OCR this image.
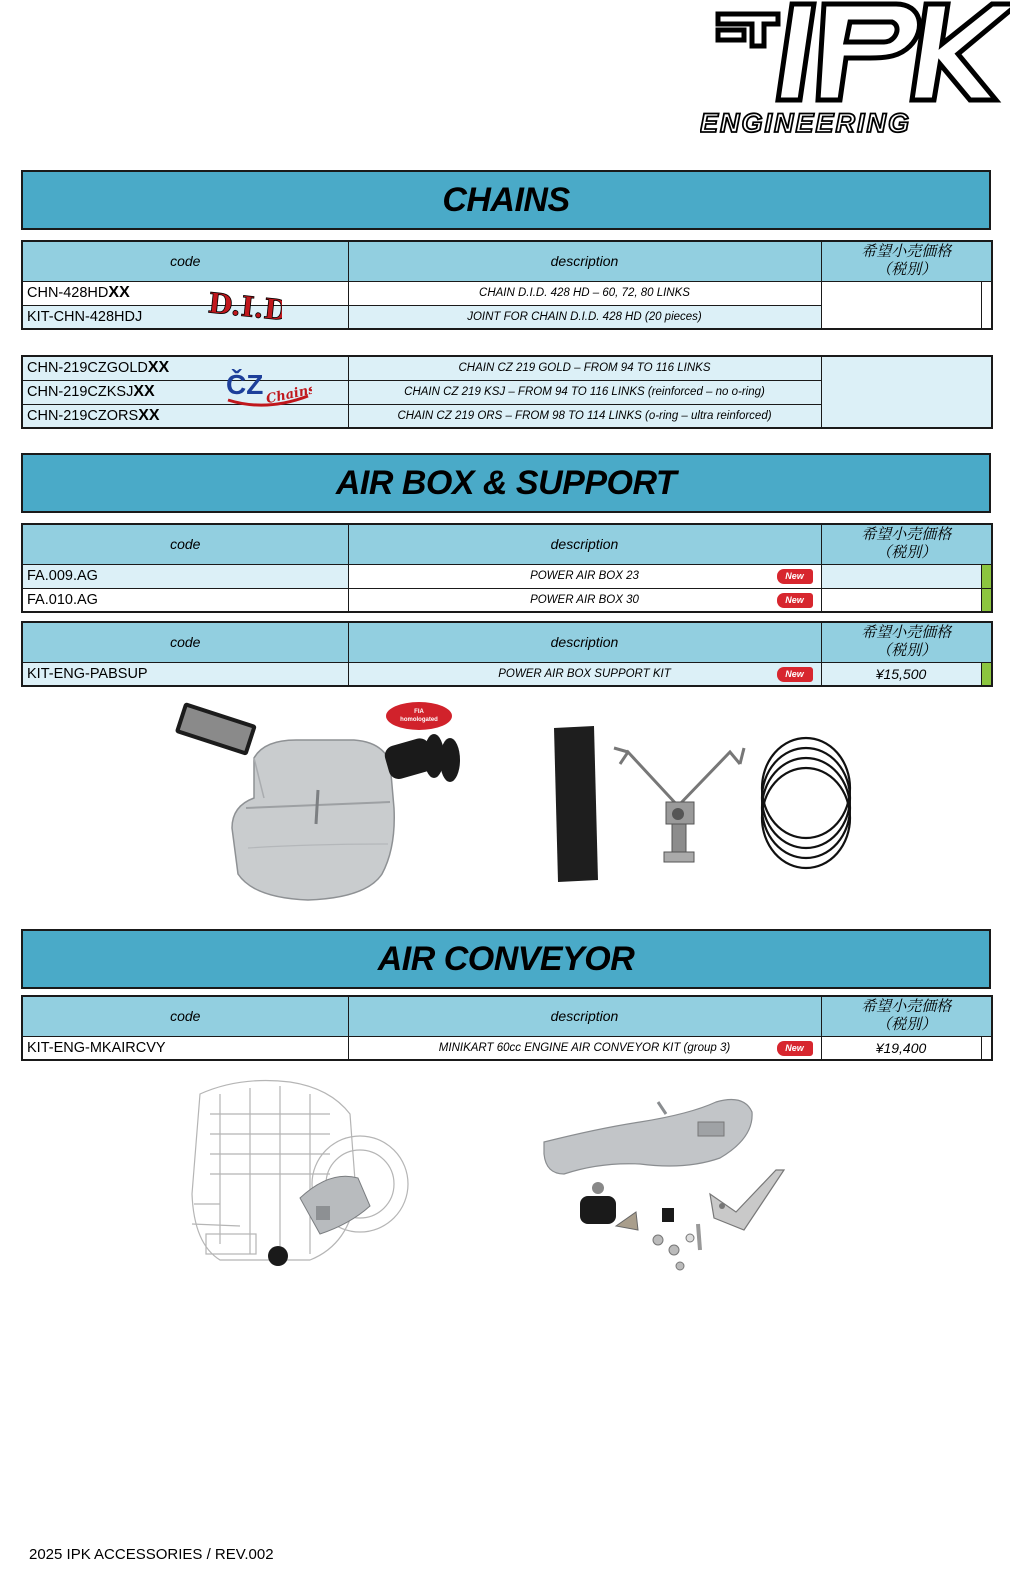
ENGINEERING
CHAINS
code	description	希望小売価格
（税別）	

CHN-428HDXX	CHAIN D.I.D. 428 HD – 60, 72, 80 LINKS		
KIT-CHN-428HDJ	JOINT FOR CHAIN D.I.D. 428 HD (20 pieces)		
D.I.D
CHN-219CZGOLDXX	CHAIN CZ 219 GOLD – FROM 94 TO 116 LINKS	
CHN-219CZKSJXX	CHAIN CZ 219 KSJ – FROM 94 TO 116 LINKS (reinforced – no o-ring)	
CHN-219CZORSXX	CHAIN CZ 219 ORS – FROM 98 TO 114 LINKS (o-ring – ultra reinforced)	
ČZ Chains
AIR BOX & SUPPORT
code	description	希望小売価格
（税別）	

FA.009.AG	POWER AIR BOX 23 New		

FA.010.AG	POWER AIR BOX 30 New		

code	description	希望小売価格
（税別）	

KIT-ENG-PABSUP	POWER AIR BOX SUPPORT KIT New	¥15,500	
FIA
homologated
AIR CONVEYOR
code	description	希望小売価格
（税別）	

KIT-ENG-MKAIRCVY	MINIKART 60cc ENGINE AIR CONVEYOR KIT (group 3) New	¥19,400	
2025 IPK ACCESSORIES / REV.002
